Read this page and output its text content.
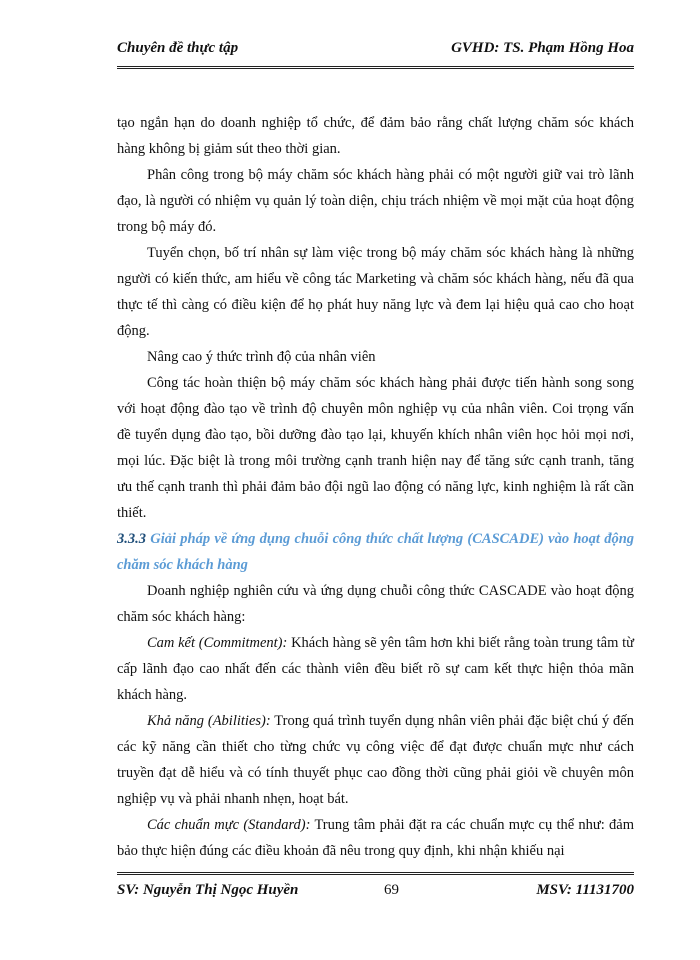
Chuyên đề thực tập	GVHD: TS. Phạm Hồng Hoa

tạo ngắn hạn do doanh nghiệp tổ chức, để đảm bảo rằng chất lượng chăm sóc khách hàng không bị giảm sút theo thời gian.

Phân công trong bộ máy chăm sóc khách hàng phải có một người giữ vai trò lãnh đạo, là người có nhiệm vụ quản lý toàn diện, chịu trách nhiệm về mọi mặt của hoạt động trong bộ máy đó.

Tuyển chọn, bố trí nhân sự làm việc trong bộ máy chăm sóc khách hàng là những người có kiến thức, am hiểu về công tác Marketing và chăm sóc khách hàng, nếu đã qua thực tế thì càng có điều kiện để họ phát huy năng lực và đem lại hiệu quả cao cho hoạt động.

Nâng cao ý thức trình độ của nhân viên

Công tác hoàn thiện bộ máy chăm sóc khách hàng phải được tiến hành song song với hoạt động đào tạo về trình độ chuyên môn nghiệp vụ của nhân viên. Coi trọng vấn đề tuyển dụng đào tạo, bồi dưỡng đào tạo lại, khuyến khích nhân viên học hỏi mọi nơi, mọi lúc. Đặc biệt là trong môi trường cạnh tranh hiện nay để tăng sức cạnh tranh, tăng ưu thế cạnh tranh thì phải đảm bảo đội ngũ lao động có năng lực, kinh nghiệm là rất cần thiết.

3.3.3 Giải pháp về ứng dụng chuỗi công thức chất lượng (CASCADE) vào hoạt động chăm sóc khách hàng

Doanh nghiệp nghiên cứu và ứng dụng chuỗi công thức CASCADE vào hoạt động chăm sóc khách hàng:

Cam kết (Commitment): Khách hàng sẽ yên tâm hơn khi biết rằng toàn trung tâm từ cấp lãnh đạo cao nhất đến các thành viên đều biết rõ sự cam kết thực hiện thỏa mãn khách hàng.

Khả năng (Abilities): Trong quá trình tuyển dụng nhân viên phải đặc biệt chú ý đến các kỹ năng cần thiết cho từng chức vụ công việc để đạt được chuẩn mực như cách truyền đạt dễ hiểu và có tính thuyết phục cao đồng thời cũng phải giỏi về chuyên môn nghiệp vụ và phải nhanh nhẹn, hoạt bát.

Các chuẩn mực (Standard): Trung tâm phải đặt ra các chuẩn mực cụ thể như: đảm bảo thực hiện đúng các điều khoản đã nêu trong quy định, khi nhận khiếu nại

SV: Nguyễn Thị Ngọc Huyền	69	MSV: 11131700
